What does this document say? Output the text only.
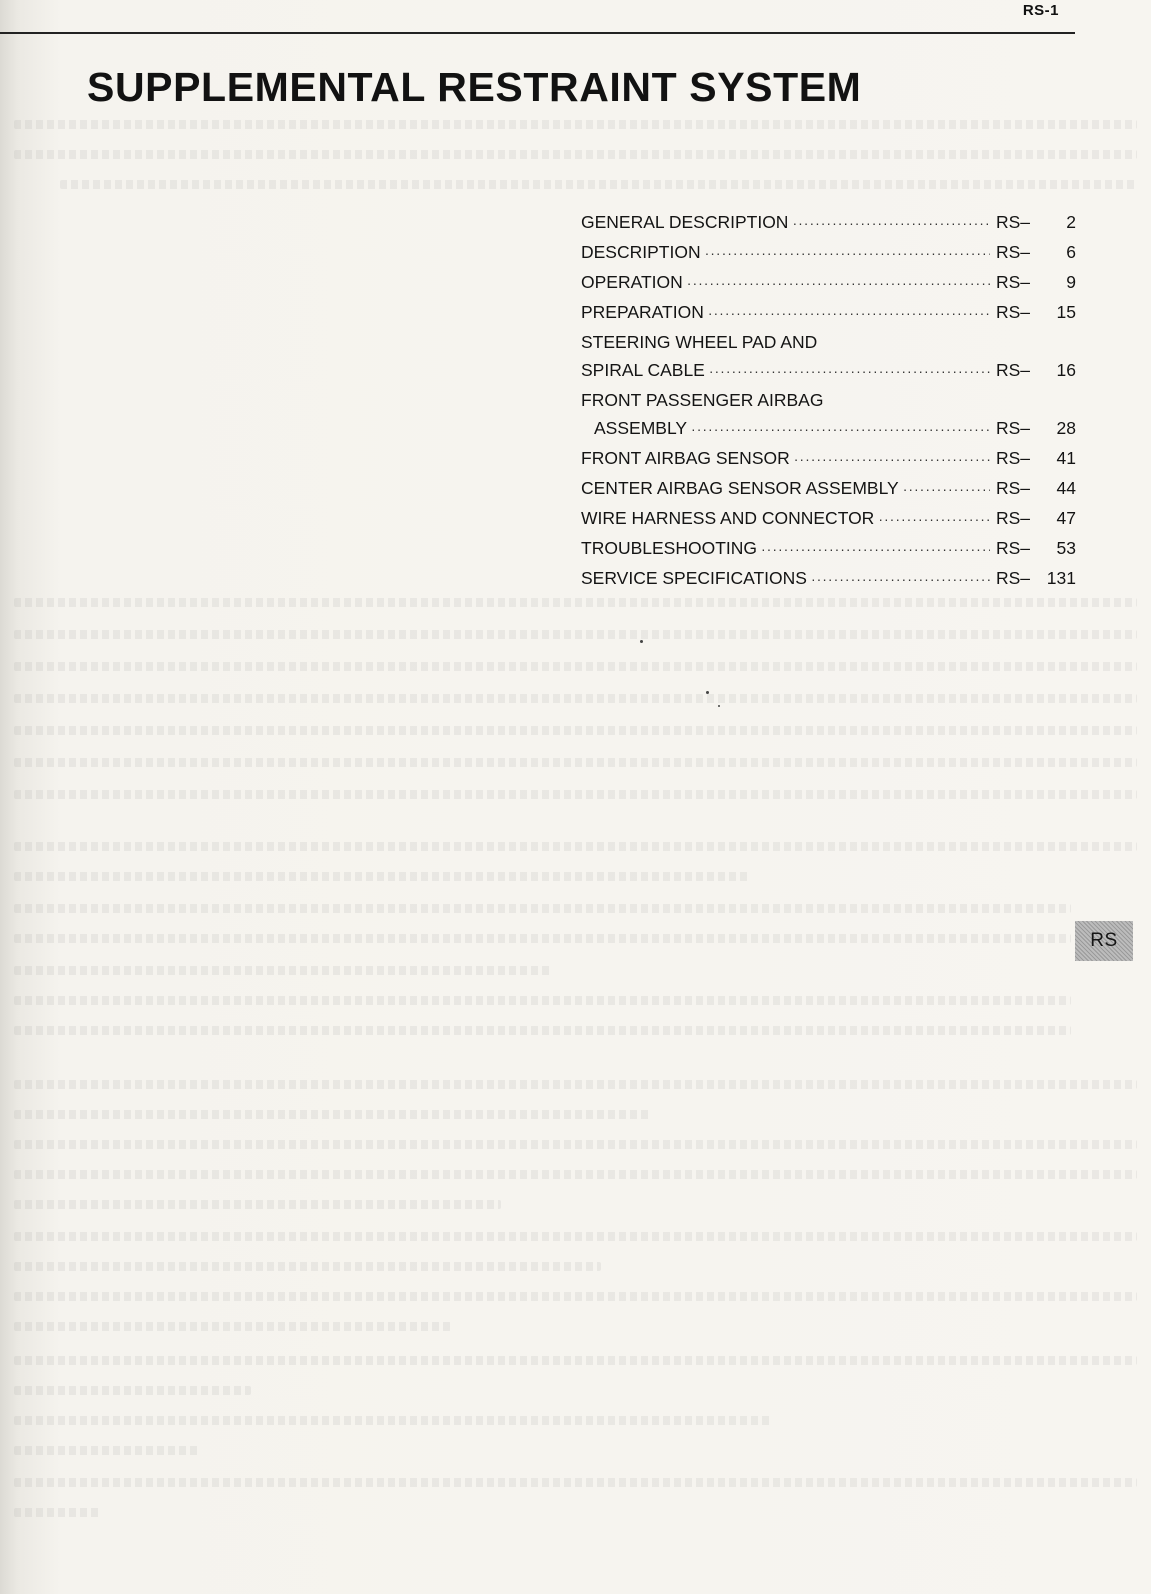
RS-1
SUPPLEMENTAL RESTRAINT SYSTEM
GENERAL DESCRIPTION ·····	RS– 2
DESCRIPTION ·····	RS– 6
OPERATION ·····	RS– 9
PREPARATION ·····	RS– 15
STEERING WHEEL PAD AND
SPIRAL CABLE ·····	RS– 16
FRONT PASSENGER AIRBAG
ASSEMBLY ·····	RS– 28
FRONT AIRBAG SENSOR ·····	RS– 41
CENTER AIRBAG SENSOR ASSEMBLY ·····	RS– 44
WIRE HARNESS AND CONNECTOR ·····	RS– 47
TROUBLESHOOTING ·····	RS– 53
SERVICE SPECIFICATIONS ·····	RS– 131
RS
